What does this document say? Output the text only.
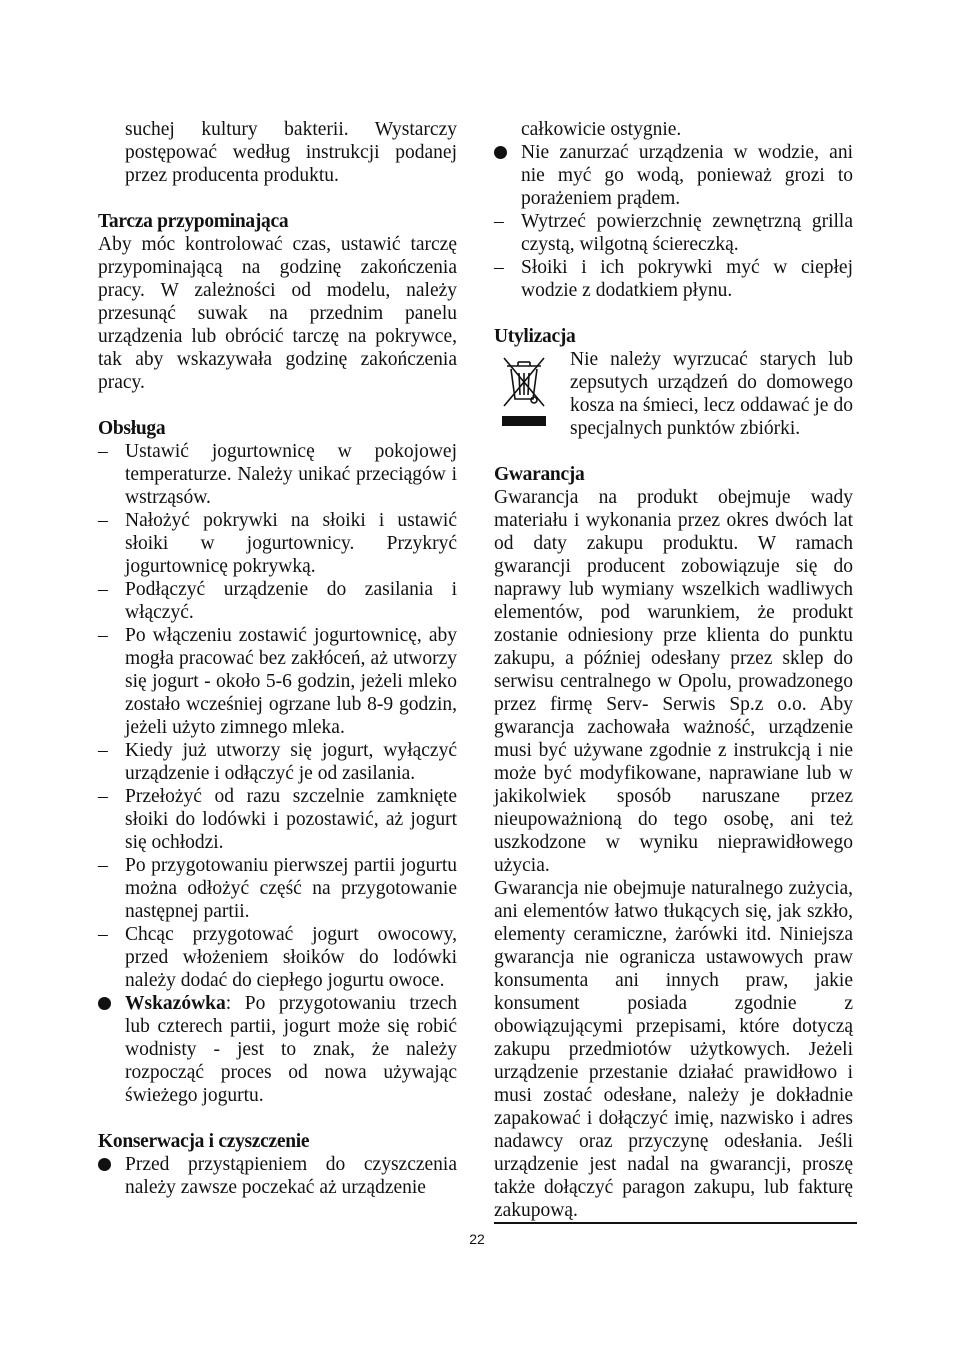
suchej kultury bakterii. Wystarczy postępować według instrukcji podanej przez producenta produktu.

Tarcza przypominająca

Aby móc kontrolować czas, ustawić tarczę przypominającą na godzinę zakończenia pracy. W zależności od modelu, należy przesunąć suwak na przednim panelu urządzenia lub obrócić tarczę na pokrywce, tak aby wskazywała godzinę zakończenia pracy.

Obsługa

– Ustawić jogurtownicę w pokojowej temperaturze. Należy unikać przeciągów i wstrząsów.

– Nałożyć pokrywki na słoiki i ustawić słoiki w jogurtownicy. Przykryć jogurtownicę pokrywką.

– Podłączyć urządzenie do zasilania i włączyć.

– Po włączeniu zostawić jogurtownicę, aby mogła pracować bez zakłóceń, aż utworzy się jogurt - około 5-6 godzin, jeżeli mleko zostało wcześniej ogrzane lub 8-9 godzin, jeżeli użyto zimnego mleka.

– Kiedy już utworzy się jogurt, wyłączyć urządzenie i odłączyć je od zasilania.

– Przełożyć od razu szczelnie zamknięte słoiki do lodówki i pozostawić, aż jogurt się ochłodzi.

– Po przygotowaniu pierwszej partii jogurtu można odłożyć część na przygotowanie następnej partii.

– Chcąc przygotować jogurt owocowy, przed włożeniem słoików do lodówki należy dodać do ciepłego jogurtu owoce.

Wskazówka: Po przygotowaniu trzech lub czterech partii, jogurt może się robić wodnisty - jest to znak, że należy rozpocząć proces od nowa używając świeżego jogurtu.

Konserwacja i czyszczenie

Przed przystąpieniem do czyszczenia należy zawsze poczekać aż urządzenie

całkowicie ostygnie.

Nie zanurzać urządzenia w wodzie, ani nie myć go wodą, ponieważ grozi to porażeniem prądem.

– Wytrzeć powierzchnię zewnętrzną grilla czystą, wilgotną ściereczką.

– Słoiki i ich pokrywki myć w ciepłej wodzie z dodatkiem płynu.

Utylizacja

Nie należy wyrzucać starych lub zepsutych urządzeń do domowego kosza na śmieci, lecz oddawać je do specjalnych punktów zbiórki.

Gwarancja

Gwarancja na produkt obejmuje wady materiału i wykonania przez okres dwóch lat od daty zakupu produktu. W ramach gwarancji producent zobowiązuje się do naprawy lub wymiany wszelkich wadliwych elementów, pod warunkiem, że produkt zostanie odniesiony prze klienta do punktu zakupu, a później odesłany przez sklep do serwisu centralnego w Opolu, prowadzonego przez firmę Serv- Serwis Sp.z o.o. Aby gwarancja zachowała ważność, urządzenie musi być używane zgodnie z instrukcją i nie może być modyfikowane, naprawiane lub w jakikolwiek sposób naruszane przez nieupoważnioną do tego osobę, ani też uszkodzone w wyniku nieprawidłowego użycia.

Gwarancja nie obejmuje naturalnego zużycia, ani elementów łatwo tłukących się, jak szkło, elementy ceramiczne, żarówki itd. Niniejsza gwarancja nie ogranicza ustawowych praw konsumenta ani innych praw, jakie konsument posiada zgodnie z obowiązującymi przepisami, które dotyczą zakupu przedmiotów użytkowych. Jeżeli urządzenie przestanie działać prawidłowo i musi zostać odesłane, należy je dokładnie zapakować i dołączyć imię, nazwisko i adres nadawcy oraz przyczynę odesłania. Jeśli urządzenie jest nadal na gwarancji, proszę także dołączyć paragon zakupu, lub fakturę zakupową.

22
